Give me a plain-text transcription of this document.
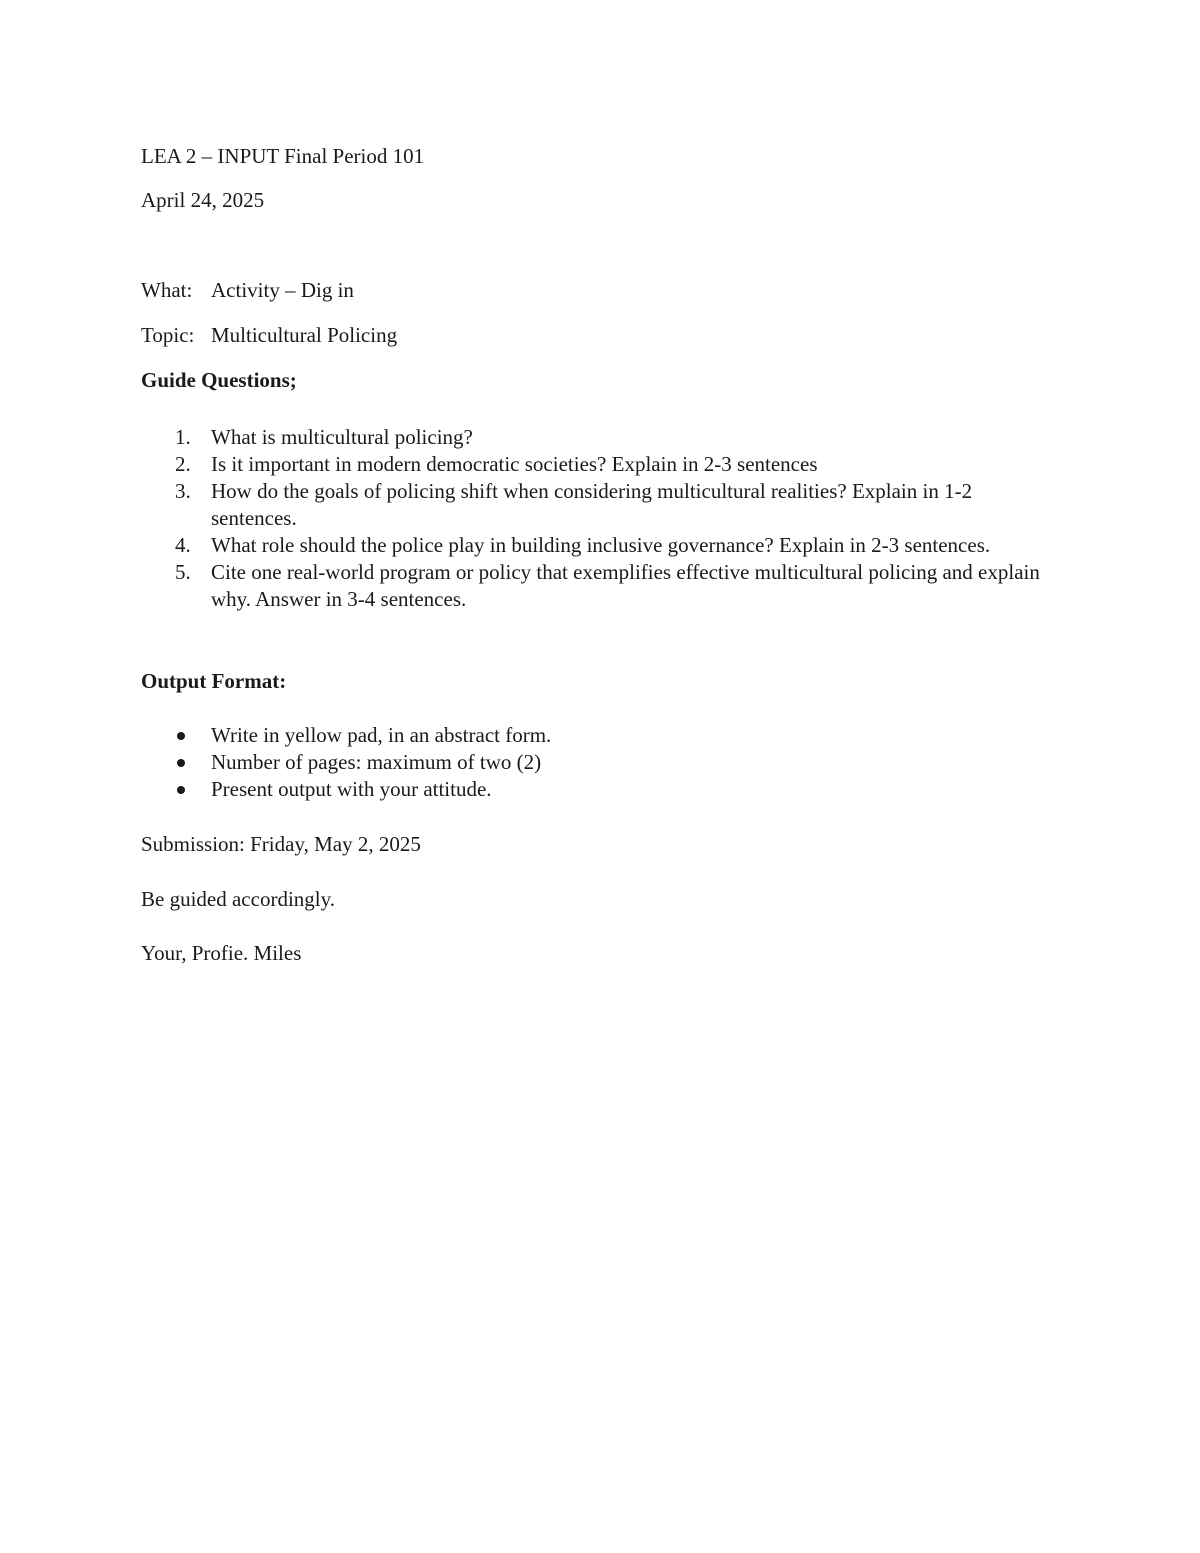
LEA 2 – INPUT Final Period 101
April 24, 2025
What: Activity – Dig in
Topic: Multicultural Policing
Guide Questions;
1. What is multicultural policing?
2. Is it important in modern democratic societies? Explain in 2-3 sentences
3. How do the goals of policing shift when considering multicultural realities? Explain in 1-2 sentences.
4. What role should the police play in building inclusive governance? Explain in 2-3 sentences.
5. Cite one real-world program or policy that exemplifies effective multicultural policing and explain why. Answer in 3-4 sentences.
Output Format:
Write in yellow pad, in an abstract form.
Number of pages: maximum of two (2)
Present output with your attitude.
Submission: Friday, May 2, 2025
Be guided accordingly.
Your, Profie. Miles
